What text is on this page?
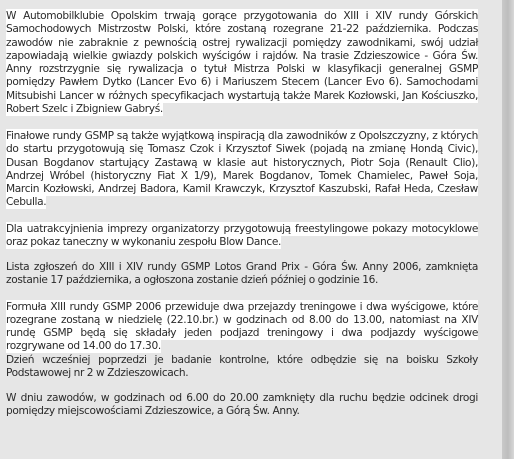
W Automobilklubie Opolskim trwają gorące przygotowania do XIII i XIV rundy Górskich Samochodowych Mistrzostw Polski, które zostaną rozegrane 21-22 października. Podczas zawodów nie zabraknie z pewnością ostrej rywalizacji pomiędzy zawodnikami, swój udział zapowiadają wielkie gwiazdy polskich wyścigów i rajdów. Na trasie Zdzieszowice - Góra Św. Anny rozstrzygnie się rywalizacja o tytuł Mistrza Polski w klasyfikacji generalnej GSMP pomiędzy Pawłem Dytko (Lancer Evo 6) i Mariuszem Stecem (Lancer Evo 6). Samochodami Mitsubishi Lancer w różnych specyfikacjach wystartują także Marek Kozłowski, Jan Kościuszko, Robert Szelc i Zbigniew Gabryś.

Finałowe rundy GSMP są także wyjątkową inspiracją dla zawodników z Opolszczyzny, z których do startu przygotowują się Tomasz Czok i Krzysztof Siwek (pojadą na zmianę Hondą Civic), Dusan Bogdanov startujący Zastawą w klasie aut historycznych, Piotr Soja (Renault Clio), Andrzej Wróbel (historyczny Fiat X 1/9), Marek Bogdanov, Tomek Chamielec, Paweł Soja, Marcin Kozłowski, Andrzej Badora, Kamil Krawczyk, Krzysztof Kaszubski, Rafał Heda, Czesław Cebulla.

Dla uatrakcyjnienia imprezy organizatorzy przygotowują freestylingowe pokazy motocyklowe oraz pokaz taneczny w wykonaniu zespołu Blow Dance.

Lista zgłoszeń do XIII i XIV rundy GSMP Lotos Grand Prix - Góra Św. Anny 2006, zamknięta zostanie 17 października, a ogłoszona zostanie dzień później o godzinie 16.

Formuła XIII rundy GSMP 2006 przewiduje dwa przejazdy treningowe i dwa wyścigowe, które rozegrane zostaną w niedzielę (22.10.br.) w godzinach od 8.00 do 13.00, natomiast na XIV rundę GSMP będą się składały jeden podjazd treningowy i dwa podjazdy wyścigowe rozgrywane od 14.00 do 17.30.
Dzień wcześniej poprzedzi je badanie kontrolne, które odbędzie się na boisku Szkoły Podstawowej nr 2 w Zdzieszowicach.

W dniu zawodów, w godzinach od 6.00 do 20.00 zamknięty dla ruchu będzie odcinek drogi pomiędzy miejscowościami Zdzieszowice, a Górą Św. Anny.
